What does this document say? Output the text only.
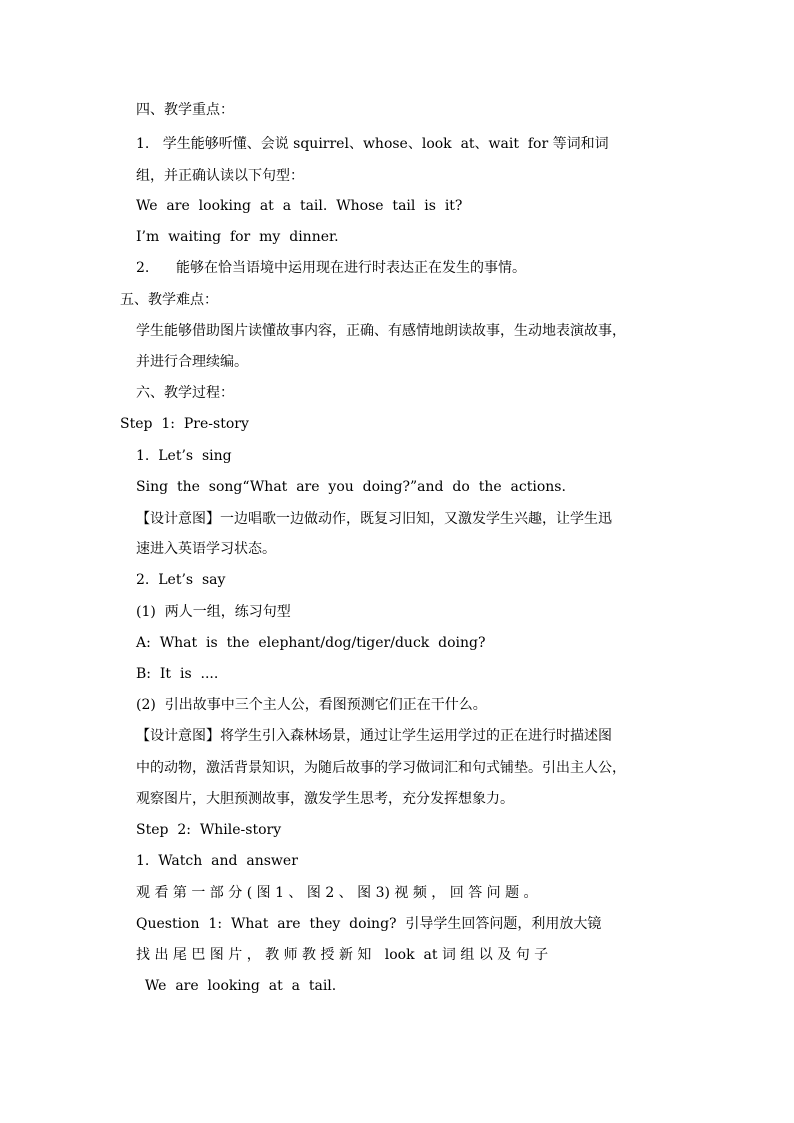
四、教学重点：
1.   学生能够听懂、会说 squirrel、whose、look  at、wait  for 等词和词
组，并正确认读以下句型：
We  are  looking  at  a  tail.  Whose  tail  is  it?
I’m  waiting  for  my  dinner.
2.      能够在恰当语境中运用现在进行时表达正在发生的事情。
五、教学难点：
学生能够借助图片读懂故事内容，正确、有感情地朗读故事，生动地表演故事，
并进行合理续编。
六、教学过程：
Step  1:  Pre-story
1.  Let’s  sing
Sing  the  song“What  are  you  doing?”and  do  the  actions.
【设计意图】一边唱歌一边做动作，既复习旧知，又激发学生兴趣，让学生迅
速进入英语学习状态。
2.  Let’s  say
(1)  两人一组，练习句型
A:  What  is  the  elephant/dog/tiger/duck  doing?
B:  It  is  ....
(2)  引出故事中三个主人公，看图预测它们正在干什么。
【设计意图】将学生引入森林场景，通过让学生运用学过的正在进行时描述图
中的动物，激活背景知识，为随后故事的学习做词汇和句式铺垫。引出主人公，
观察图片，大胆预测故事，激发学生思考，充分发挥想象力。
Step  2:  While-story
1.  Watch  and  answer
观 看 第 一 部 分 ( 图 1 、 图 2 、 图 3) 视 频 ， 回 答 问 题 。
Question  1:  What  are  they  doing?  引导学生回答问题，利用放大镜
找 出 尾 巴 图 片 ， 教 师 教 授 新 知   look  at 词 组 以 及 句 子
We  are  looking  at  a  tail.
